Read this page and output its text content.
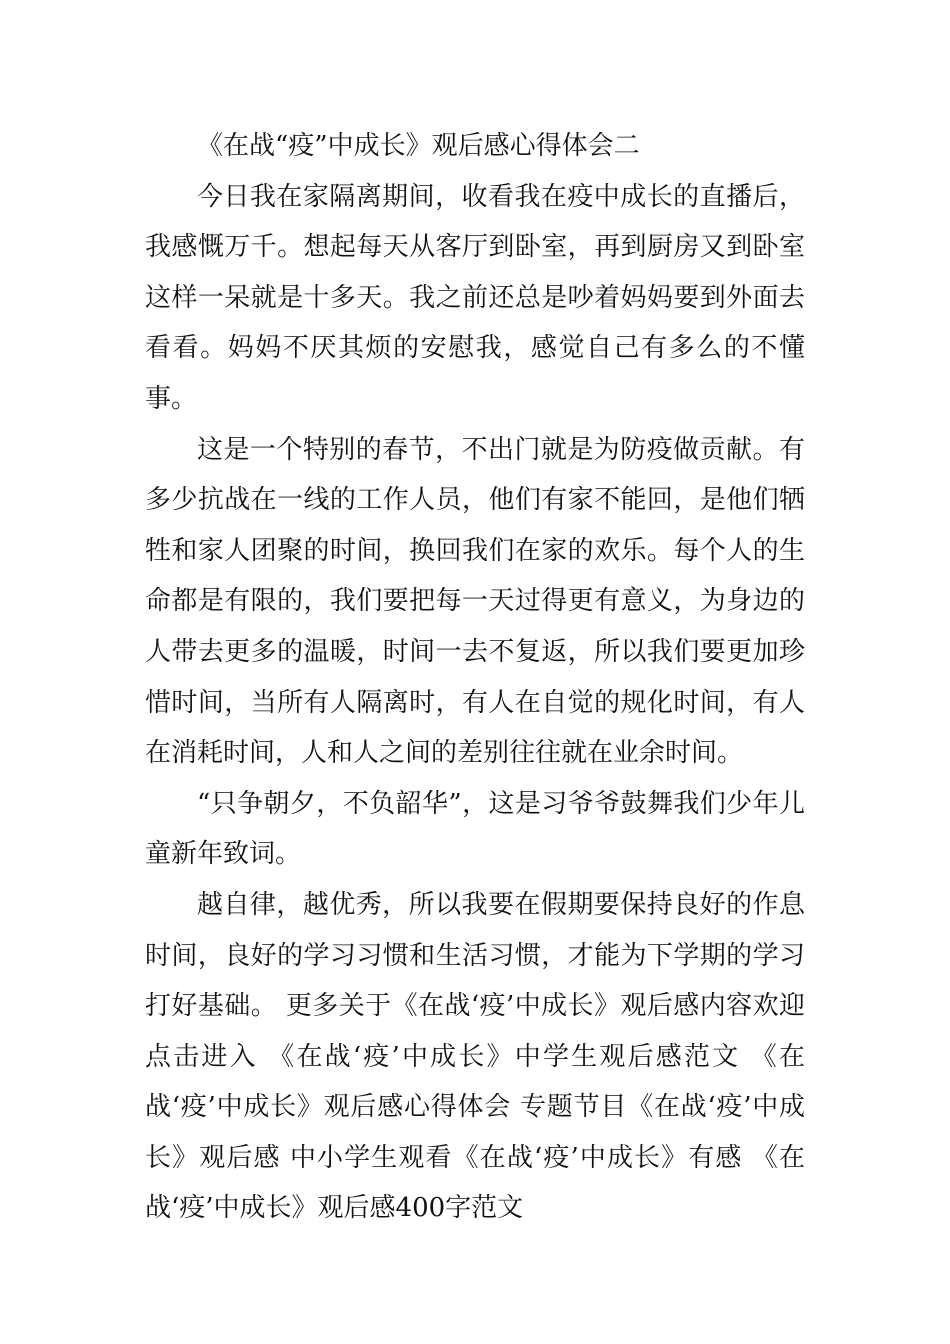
《在战“疫”中成长》观后感心得体会二

今日我在家隔离期间，收看我在疫中成长的直播后，我感慨万千。想起每天从客厅到卧室，再到厨房又到卧室这样一呆就是十多天。我之前还总是吵着妈妈要到外面去看看。妈妈不厌其烦的安慰我，感觉自己有多么的不懂事。

这是一个特别的春节，不出门就是为防疫做贡献。有多少抗战在一线的工作人员，他们有家不能回，是他们牺牲和家人团聚的时间，换回我们在家的欢乐。每个人的生命都是有限的，我们要把每一天过得更有意义，为身边的人带去更多的温暖，时间一去不复返，所以我们要更加珍惜时间，当所有人隔离时，有人在自觉的规化时间，有人在消耗时间，人和人之间的差别往往就在业余时间。

“只争朝夕，不负韶华”，这是习爷爷鼓舞我们少年儿童新年致词。

越自律，越优秀，所以我要在假期要保持良好的作息时间，良好的学习习惯和生活习惯，才能为下学期的学习打好基础。 更多关于《在战‘疫’中成长》观后感内容欢迎点击进入 《在战‘疫’中成长》中学生观后感范文 《在战‘疫’中成长》观后感心得体会 专题节目《在战‘疫’中成长》观后感 中小学生观看《在战‘疫’中成长》有感 《在战‘疫’中成长》观后感400字范文
